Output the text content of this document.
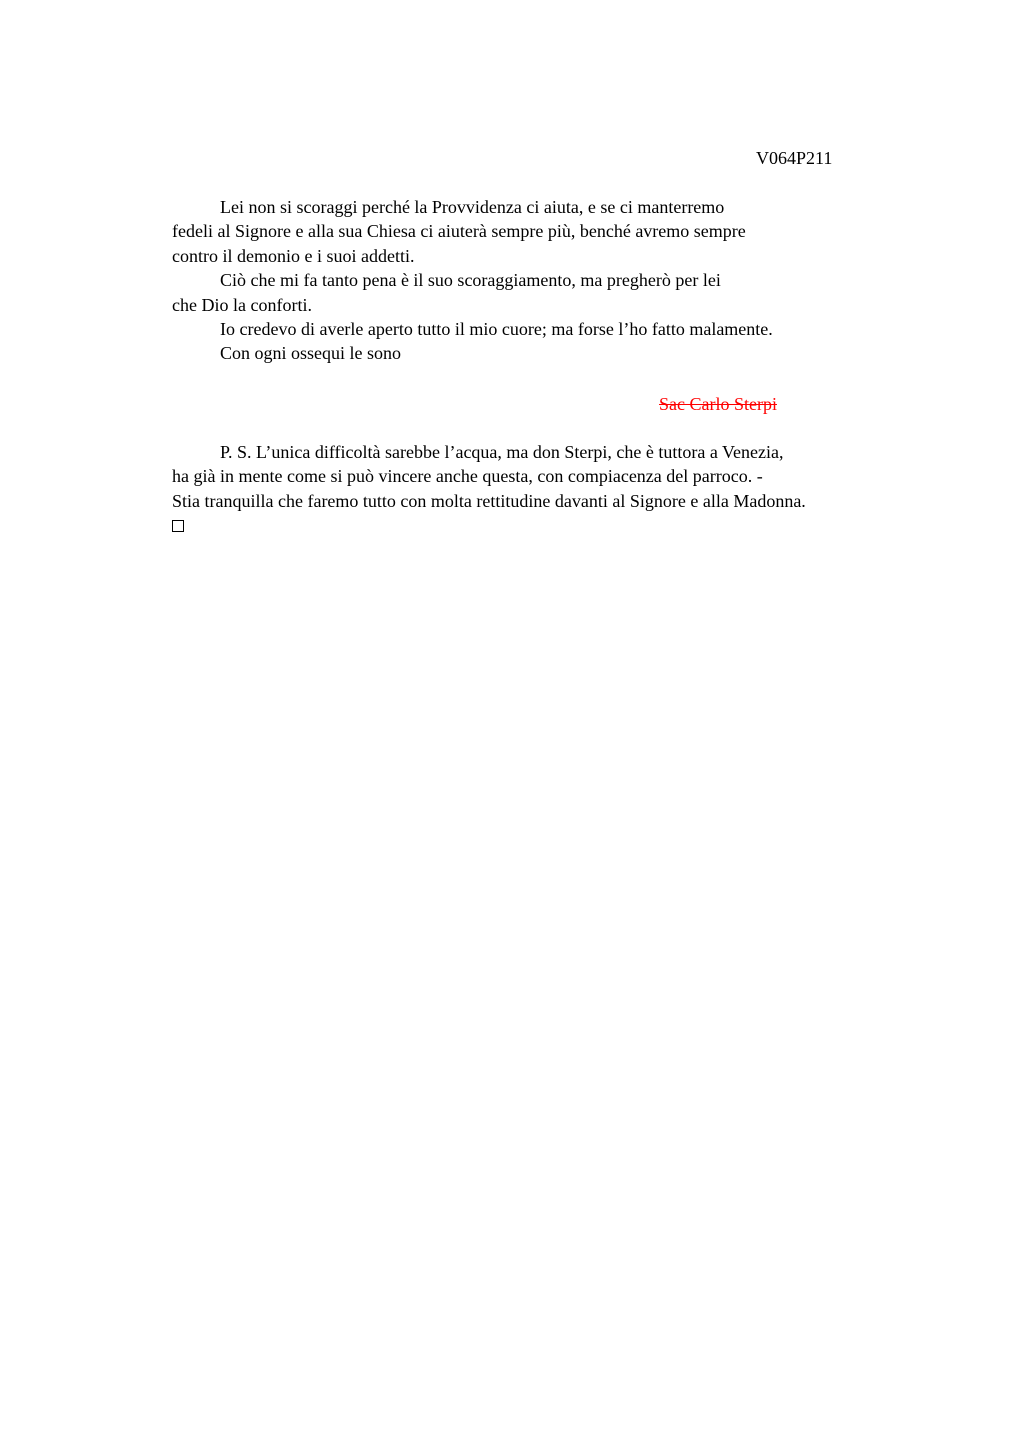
V064P211
Lei non si scoraggi perché la Provvidenza ci aiuta, e se ci manterremo
fedeli al Signore e alla sua Chiesa ci aiuterà sempre più, benché avremo sempre
contro il demonio e i suoi addetti.
Ciò che mi fa tanto pena è il suo scoraggiamento, ma pregherò per lei
che Dio la conforti.
Io credevo di averle aperto tutto il mio cuore; ma forse l’ho fatto malamente.
Con ogni ossequi le sono
Sac Carlo Sterpi
P. S. L’unica difficoltà sarebbe l’acqua, ma don Sterpi, che è tuttora a Venezia,
ha già in mente come si può vincere anche questa, con compiacenza del parroco. -
Stia tranquilla che faremo tutto con molta rettitudine davanti al Signore e alla Madonna.
